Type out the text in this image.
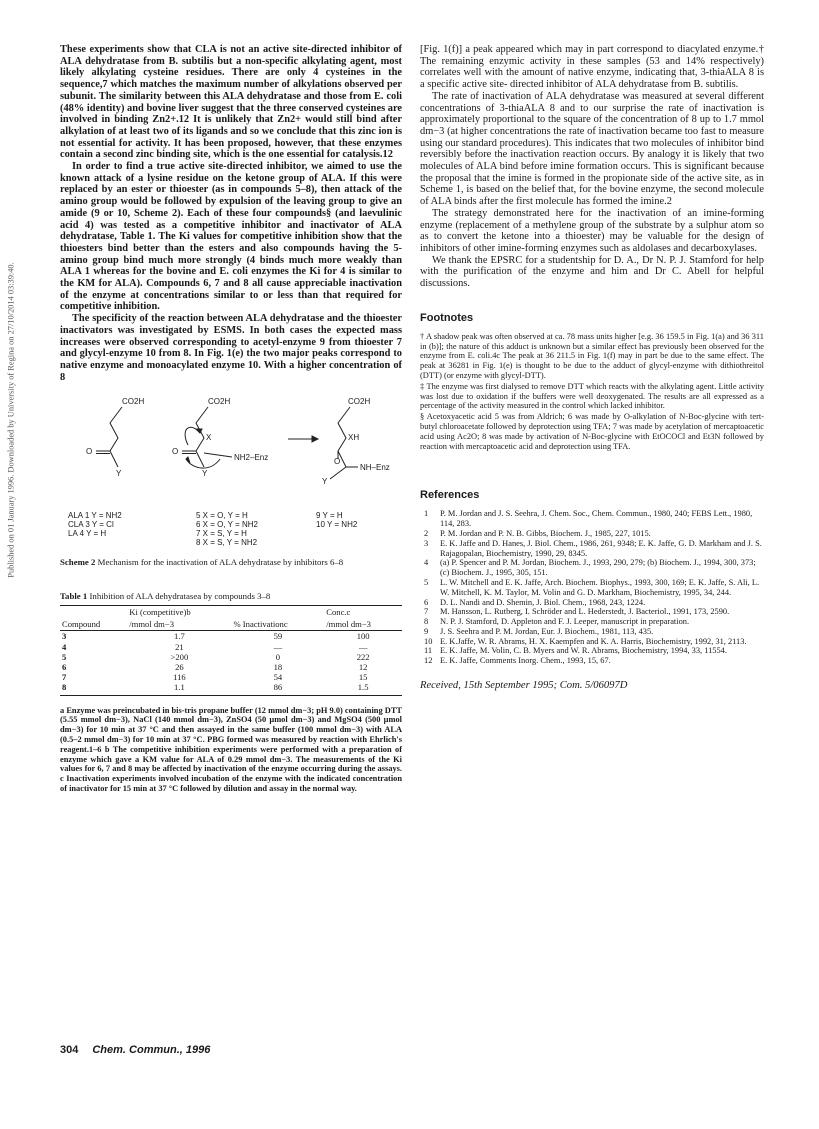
Published on 01 January 1996. Downloaded by University of Regina on 27/10/2014 03:39:40.

These experiments show that CLA is not an active site-directed inhibitor of ALA dehydratase from B. subtilis but a non-specific alkylating agent, most likely alkylating cysteine residues. There are only 4 cysteines in the sequence,7 which matches the maximum number of alkylations observed per subunit. The similarity between this ALA dehydratase and those from E. coli (48% identity) and bovine liver suggest that the three conserved cysteines are involved in binding Zn2+.12 It is unlikely that Zn2+ would still bind after alkylation of at least two of its ligands and so we conclude that this zinc ion is not essential for activity. It has been proposed, however, that these enzymes contain a second zinc binding site, which is the one essential for catalysis.12

In order to find a true active site-directed inhibitor, we aimed to use the known attack of a lysine residue on the ketone group of ALA. If this were replaced by an ester or thioester (as in compounds 5–8), then attack of the amino group would be followed by expulsion of the leaving group to give an amide (9 or 10, Scheme 2). Each of these four compounds§ (and laevulinic acid 4) was tested as a competitive inhibitor and inactivator of ALA dehydratase, Table 1. The Ki values for competitive inhibition show that the thioesters bind better than the esters and also compounds having the 5-amino group bind much more strongly (4 binds much more weakly than ALA 1 whereas for the bovine and E. coli enzymes the Ki for 4 is similar to the KM for ALA). Compounds 6, 7 and 8 all cause appreciable inactivation of the enzyme at concentrations similar to or less than that required for competitive inhibition.

The specificity of the reaction between ALA dehydratase and the thioester inactivators was investigated by ESMS. In both cases the expected mass increases were observed corresponding to acetyl-enzyme 9 from thioester 7 and glycyl-enzyme 10 from 8. In Fig. 1(e) the two major peaks correspond to native enzyme and monoacylated enzyme 10. With a higher concentration of 8

CO2H
O
Y
CO2H
O
X
Y
NH2–Enz
CO2H
XH
O
Y
NH–Enz
ALA 1 Y = NH2
CLA 3 Y = Cl
LA 4 Y = H
5 X = O, Y = H
6 X = O, Y = NH2
7 X = S, Y = H
8 X = S, Y = NH2
9 Y = H
10 Y = NH2

Scheme 2 Mechanism for the inactivation of ALA dehydratase by inhibitors 6–8

Table 1 Inhibition of ALA dehydratasea by compounds 3–8

	Ki (competitive)b		Conc.c
Compound	/mmol dm−3	% Inactivationc	/mmol dm−3
3	1.7	59	100
4	21	—	—
5	>200	0	222
6	26	18	12
7	116	54	15
8	1.1	86	1.5

a Enzyme was preincubated in bis-tris propane buffer (12 mmol dm−3; pH 9.0) containing DTT (5.55 mmol dm−3), NaCl (140 mmol dm−3), ZnSO4 (50 µmol dm−3) and MgSO4 (500 µmol dm−3) for 10 min at 37 °C and then assayed in the same buffer (100 mmol dm−3) with ALA (0.5–2 mmol dm−3) for 10 min at 37 °C. PBG formed was measured by reaction with Ehrlich's reagent.1–6 b The competitive inhibition experiments were performed with a preparation of enzyme which gave a KM value for ALA of 0.29 mmol dm−3. The measurements of the Ki values for 6, 7 and 8 may be affected by inactivation of the enzyme occurring during the assays. c Inactivation experiments involved incubation of the enzyme with the indicated concentration of inactivator for 15 min at 37 °C followed by dilution and assay in the normal way.

[Fig. 1(f)] a peak appeared which may in part correspond to diacylated enzyme.† The remaining enzymic activity in these samples (53 and 14% respectively) correlates well with the amount of native enzyme, indicating that, 3-thiaALA 8 is a specific active site- directed inhibitor of ALA dehydratase from B. subtilis.

The rate of inactivation of ALA dehydratase was measured at several different concentrations of 3-thiaALA 8 and to our surprise the rate of inactivation is approximately proportional to the square of the concentration of 8 up to 1.7 mmol dm−3 (at higher concentrations the rate of inactivation became too fast to measure using our standard procedures). This indicates that two molecules of inhibitor bind reversibly before the inactivation reaction occurs. By analogy it is likely that two molecules of ALA bind before imine formation occurs. This is significant because the proposal that the imine is formed in the propionate side of the active site, as in Scheme 1, is based on the belief that, for the bovine enzyme, the second molecule of ALA binds after the first molecule has formed the imine.2

The strategy demonstrated here for the inactivation of an imine-forming enzyme (replacement of a methylene group of the substrate by a sulphur atom so as to convert the ketone into a thioester) may be valuable for the design of inhibitors of other imine-forming enzymes such as aldolases and decarboxylases.

We thank the EPSRC for a studentship for D. A., Dr N. P. J. Stamford for help with the purification of the enzyme and him and Dr C. Abell for helpful discussions.

Footnotes

† A shadow peak was often observed at ca. 78 mass units higher [e.g. 36 159.5 in Fig. 1(a) and 36 311 in (b)]; the nature of this adduct is unknown but a similar effect has previously been observed for the enzyme from E. coli.4c The peak at 36 211.5 in Fig. 1(f) may in part be due to the same effect. The peak at 36281 in Fig. 1(e) is thought to be due to the adduct of glycyl-enzyme with dithiothreitol (DTT) (or enzyme with glycyl-DTT).

‡ The enzyme was first dialysed to remove DTT which reacts with the alkylating agent. Little activity was lost due to oxidation if the buffers were well deoxygenated. The results are all expressed as a percentage of the activity measured in the control which lacked inhibitor.

§ Acetoxyacetic acid 5 was from Aldrich; 6 was made by O-alkylation of N-Boc-glycine with tert-butyl chloroacetate followed by deprotection using TFA; 7 was made by acetylation of mercaptoacetic acid using Ac2O; 8 was made by activation of N-Boc-glycine with EtOCOCl and Et3N followed by reaction with mercaptoacetic acid and deprotection using TFA.

References
1 P. M. Jordan and J. S. Seehra, J. Chem. Soc., Chem. Commun., 1980, 240; FEBS Lett., 1980, 114, 283.
2 P. M. Jordan and P. N. B. Gibbs, Biochem. J., 1985, 227, 1015.
3 E. K. Jaffe and D. Hanes, J. Biol. Chem., 1986, 261, 9348; E. K. Jaffe, G. D. Markham and J. S. Rajagopalan, Biochemistry, 1990, 29, 8345.
4 (a) P. Spencer and P. M. Jordan, Biochem. J., 1993, 290, 279; (b) Biochem. J., 1994, 300, 373; (c) Biochem. J., 1995, 305, 151.
5 L. W. Mitchell and E. K. Jaffe, Arch. Biochem. Biophys., 1993, 300, 169; E. K. Jaffe, S. Ali, L. W. Mitchell, K. M. Taylor, M. Volin and G. D. Markham, Biochemistry, 1995, 34, 244.
6 D. L. Nandi and D. Shemin, J. Biol. Chem., 1968, 243, 1224.
7 M. Hansson, L. Rutberg, I. Schröder and L. Hederstedt, J. Bacteriol., 1991, 173, 2590.
8 N. P. J. Stamford, D. Appleton and F. J. Leeper, manuscript in preparation.
9 J. S. Seehra and P. M. Jordan, Eur. J. Biochem., 1981, 113, 435.
10 E. K.Jaffe, W. R. Abrams, H. X. Kaempfen and K. A. Harris, Biochemistry, 1992, 31, 2113.
11 E. K. Jaffe, M. Volin, C. B. Myers and W. R. Abrams, Biochemistry, 1994, 33, 11554.
12 E. K. Jaffe, Comments Inorg. Chem., 1993, 15, 67.

Received, 15th September 1995; Com. 5/06097D

304 Chem. Commun., 1996
